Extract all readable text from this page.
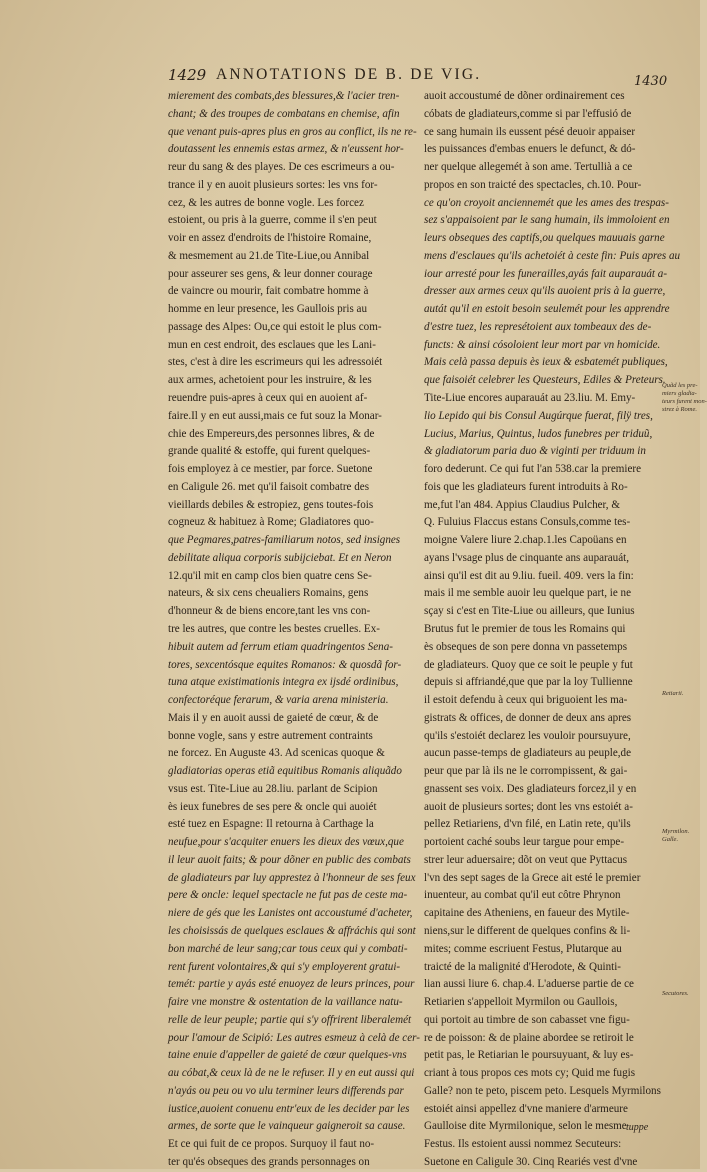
1429 ANNOTATIONS DE B. DE VIG.	1430
mierement des combats,des blessures,& l'acier tren-
chant; & des troupes de combatans en chemise, afin
que venant puis-apres plus en gros au conflict, ils ne re-
doutassent les ennemis estas armez, & n'eussent hor-
reur du sang & des playes. De ces escrimeurs a ou-
trance il y en auoit plusieurs sortes: les vns for-
cez, & les autres de bonne vogle. Les forcez
estoient, ou pris à la guerre, comme il s'en peut
voir en assez d'endroits de l'histoire Romaine,
& mesmement au 21.de Tite-Liue,ou Annibal
pour asseurer ses gens, & leur donner courage
de vaincre ou mourir, fait combatre homme à
homme en leur presence, les Gaullois pris au
passage des Alpes: Ou,ce qui estoit le plus com-
mun en cest endroit, des esclaues que les Lani-
stes, c'est à dire les escrimeurs qui les adressoiét
aux armes, achetoient pour les instruire, & les
reuendre puis-apres à ceux qui en auoient af-
faire.Il y en eut aussi,mais ce fut souz la Monar-
chie des Empereurs,des personnes libres, & de
grande qualité & estoffe, qui furent quelques-
fois employez à ce mestier, par force. Suetone
en Caligule 26. met qu'il faisoit combatre des
vieillards debiles & estropiez, gens toutes-fois
cogneuz & habituez à Rome; Gladiatores quo-
que Pegmares,patres-familiarum notos, sed insignes
debilitate aliqua corporis subijciebat. Et en Neron
12.qu'il mit en camp clos bien quatre cens Se-
nateurs, & six cens cheualiers Romains, gens
d'honneur & de biens encore,tant les vns con-
tre les autres, que contre les bestes cruelles. Ex-
hibuit autem ad ferrum etiam quadringentos Sena-
tores, sexcentósque equites Romanos: & quosdã for-
tuna atque existimationis integra ex ijsdé ordinibus,
confectoréque ferarum, & varia arena ministeria.
Mais il y en auoit aussi de gaieté de cœur, & de
bonne vogle, sans y estre autrement contraints
ne forcez. En Auguste 43. Ad scenicas quoque &
gladiatorias operas etiã equitibus Romanis aliquãdo
vsus est. Tite-Liue au 28.liu. parlant de Scipion
ès ieux funebres de ses pere & oncle qui auoiét
esté tuez en Espagne: Il retourna à Carthage la
neufue,pour s'acquiter enuers les dieux des vœux,que
il leur auoit faits; & pour dõner en public des combats
de gladiateurs par luy apprestez à l'honneur de ses feux
pere & oncle: lequel spectacle ne fut pas de ceste ma-
niere de gés que les Lanistes ont accoustumé d'acheter,
les choisissás de quelques esclaues & affráchis qui sont
bon marché de leur sang;car tous ceux qui y combati-
rent furent volontaires,& qui s'y employerent gratui-
temét: partie y ayás esté enuoyez de leurs princes, pour
faire vne monstre & ostentation de la vaillance natu-
relle de leur peuple; partie qui s'y offrirent liberalemét
pour l'amour de Scipió: Les autres esmeuz à celà de cer-
taine enuie d'appeller de gaieté de cœur quelques-vns
au cóbat,& ceux là de ne le refuser. Il y en eut aussi qui
n'ayás ou peu ou vo ulu terminer leurs differends par
iustice,auoient conuenu entr'eux de les decider par les
armes, de sorte que le vainqueur gaigneroit sa cause.
Et ce qui fuit de ce propos. Surquoy il faut no-
ter qu'és obseques des grands personnages on
auoit accoustumé de dõner ordinairement ces
cóbats de gladiateurs,comme si par l'effusió de
ce sang humain ils eussent pésé deuoir appaiser
les puissances d'embas enuers le defunct, & dó-
ner quelque allegemét à son ame. Tertullià a ce
propos en son traicté des spectacles, ch.10. Pour-
ce qu'on croyoit anciennemét que les ames des trespas-
sez s'appaisoient par le sang humain, ils immoloient en
leurs obseques des captifs,ou quelques mauuais garne
mens d'esclaues qu'ils achetoiét à ceste fin: Puis apres au
iour arresté pour les funerailles,ayás fait auparauát a-
dresser aux armes ceux qu'ils auoient pris à la guerre,
autát qu'il en estoit besoin seulemét pour les apprendre
d'estre tuez, les represétoient aux tombeaux des de-
functs: & ainsi cósoloient leur mort par vn homicide.
Mais celà passa depuis ès ieux & esbatemét publiques,
que faisoiét celebrer les Questeurs, Ediles & Preteurs.
Tite-Liue encores auparauát au 23.liu. M. Emy-
lio Lepido qui bis Consul Augúrque fuerat, filÿ tres,
Lucius, Marius, Quintus, ludos funebres per triduũ,
& gladiatorum paria duo & viginti per triduum in
foro dederunt. Ce qui fut l'an 538.car la premiere
fois que les gladiateurs furent introduits à Ro-
me,fut l'an 484. Appius Claudius Pulcher, &
Q. Fuluius Flaccus estans Consuls,comme tes-
moigne Valere liure 2.chap.1.les Capoüans en
ayans l'vsage plus de cinquante ans auparauát,
ainsi qu'il est dit au 9.liu. fueil. 409. vers la fin:
mais il me semble auoir leu quelque part, ie ne
sçay si c'est en Tite-Liue ou ailleurs, que Iunius
Brutus fut le premier de tous les Romains qui
ès obseques de son pere donna vn passetemps
de gladiateurs. Quoy que ce soit le peuple y fut
depuis si affriandé,que que par la loy Tullienne
il estoit defendu à ceux qui briguoient les ma-
gistrats & offices, de donner de deux ans apres
qu'ils s'estoiét declarez les vouloir poursuyure,
aucun passe-temps de gladiateurs au peuple,de
peur que par là ils ne le corrompissent, & gai-
gnassent ses voix. Des gladiateurs forcez,il y en
auoit de plusieurs sortes; dont les vns estoiét a-
pellez Retiariens, d'vn filé, en Latin rete, qu'ils
portoient caché soubs leur targue pour empe-
strer leur aduersaire; dõt on veut que Pyttacus
l'vn des sept sages de la Grece ait esté le premier
inuenteur, au combat qu'il eut côtre Phrynon
capitaine des Atheniens, en faueur des Mytile-
niens,sur le different de quelques confins & li-
mites; comme escriuent Festus, Plutarque au
traicté de la malignité d'Herodote, & Quinti-
lian aussi liure 6. chap.4. L'aduerse partie de ce
Retiarien s'appelloit Myrmilon ou Gaullois,
qui portoit au timbre de son cabasset vne figu-
re de poisson: & de plaine abordee se retiroit le
petit pas, le Retiarian le poursuyuant, & luy es-
criant à tous propos ces mots cy; Quid me fugis
Galle? non te peto, piscem peto. Lesquels Myrmilons
estoiét ainsi appellez d'vne maniere d'armeure
Gaulloise dite Myrmilonique, selon le mesme
Festus. Ils estoient aussi nommez Secuteurs:
Suetone en Caligule 30. Cinq Reariés vest d'vne
Quãd les pre-
miers gladia-
teurs furent mon-
strez à Rome.
Retiarii.
Myrmilon.
Galle.
Secutores.
tuppe
